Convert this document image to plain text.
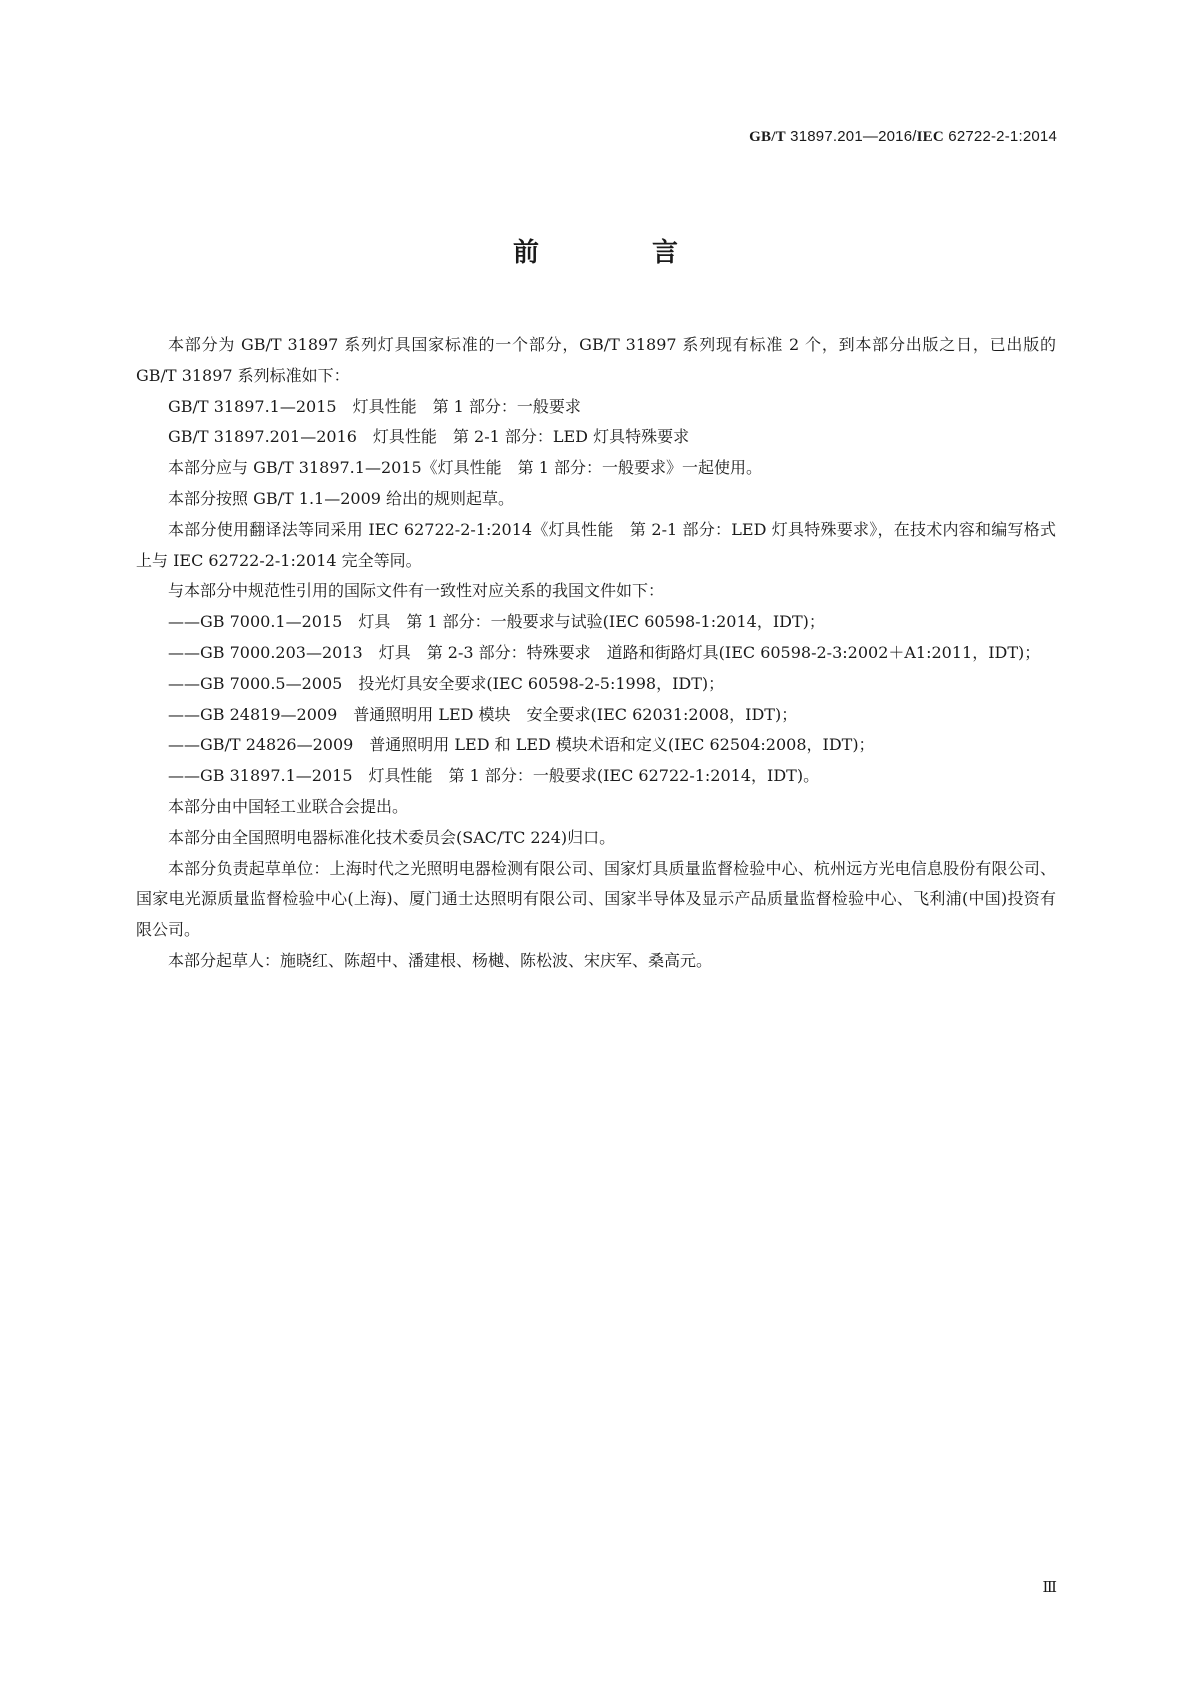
GB/T 31897.201—2016/IEC 62722-2-1:2014
前 言

本部分为 GB/T 31897 系列灯具国家标准的一个部分，GB/T 31897 系列现有标准 2 个，到本部分出版之日，已出版的 GB/T 31897 系列标准如下：

GB/T 31897.1—2015　灯具性能　第 1 部分：一般要求

GB/T 31897.201—2016　灯具性能　第 2-1 部分：LED 灯具特殊要求

本部分应与 GB/T 31897.1—2015《灯具性能　第 1 部分：一般要求》一起使用。

本部分按照 GB/T 1.1—2009 给出的规则起草。

本部分使用翻译法等同采用 IEC 62722-2-1:2014《灯具性能　第 2-1 部分：LED 灯具特殊要求》，在技术内容和编写格式上与 IEC 62722-2-1:2014 完全等同。

与本部分中规范性引用的国际文件有一致性对应关系的我国文件如下：

——GB 7000.1—2015　灯具　第 1 部分：一般要求与试验(IEC 60598-1:2014，IDT)；

——GB 7000.203—2013　灯具　第 2-3 部分：特殊要求　道路和街路灯具(IEC 60598-2-3:2002＋A1:2011，IDT)；

——GB 7000.5—2005　投光灯具安全要求(IEC 60598-2-5:1998，IDT)；

——GB 24819—2009　普通照明用 LED 模块　安全要求(IEC 62031:2008，IDT)；

——GB/T 24826—2009　普通照明用 LED 和 LED 模块术语和定义(IEC 62504:2008，IDT)；

——GB 31897.1—2015　灯具性能　第 1 部分：一般要求(IEC 62722-1:2014，IDT)。

本部分由中国轻工业联合会提出。

本部分由全国照明电器标准化技术委员会(SAC/TC 224)归口。

本部分负责起草单位：上海时代之光照明电器检测有限公司、国家灯具质量监督检验中心、杭州远方光电信息股份有限公司、国家电光源质量监督检验中心(上海)、厦门通士达照明有限公司、国家半导体及显示产品质量监督检验中心、飞利浦(中国)投资有限公司。

本部分起草人：施晓红、陈超中、潘建根、杨樾、陈松波、宋庆军、桑高元。

Ⅲ
